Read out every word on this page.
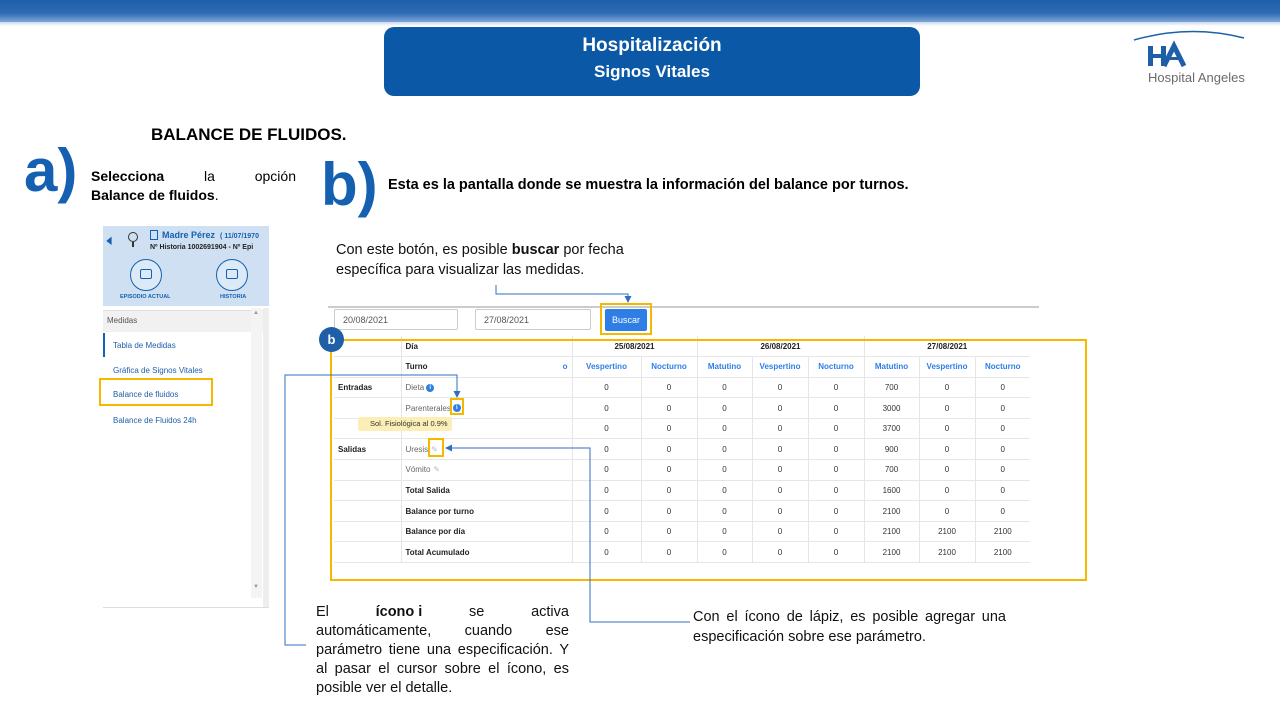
Hospitalización
Signos Vitales	Hospital Angeles
BALANCE DE FLUIDOS.
a) Selecciona	la	opción
Balance de fluidos.	b) Esta es la pantalla donde se muestra la información del balance por turnos.
🢐	Madre Pérez ( 11/07/1970
Nº Historia 1002691904 - Nº Epi
EPISODIO ACTUAL	HISTORIA
Medidas
Tabla de Medidas
Gráfica de Signos Vitales
Balance de fluidos
Balance de Fluidos 24h
▲
▼
Con este botón, es posible buscar por fecha específica para visualizar las medidas.
20/08/2021	27/08/2021	Buscar
	Día	25/08/2021		26/08/2021			27/08/2021		
	Turno o	Vespertino	Nocturno	Matutino	Vespertino	Nocturno	Matutino	Vespertino	Nocturno
Entradas	Dieta i	0	0	0	0	0	700	0	0
	Parenterales i	0	0	0	0	0	3000	0	0
		0	0	0	0	0	3700	0	0
Salidas	Uresis ✎	0	0	0	0	0	900	0	0
	Vómito ✎	0	0	0	0	0	700	0	0
	Total Salida	0	0	0	0	0	1600	0	0
	Balance por turno	0	0	0	0	0	2100	0	0
	Balance por día	0	0	0	0	0	2100	2100	2100
	Total Acumulado	0	0	0	0	0	2100	2100	2100
Sol. Fisiológica al 0.9%
b
El	ícono i	se	activa
automáticamente, cuando ese parámetro tiene una especificación. Y al pasar el cursor sobre el ícono, es posible ver el detalle.
Con el ícono de lápiz, es posible agregar una especificación sobre ese parámetro.
